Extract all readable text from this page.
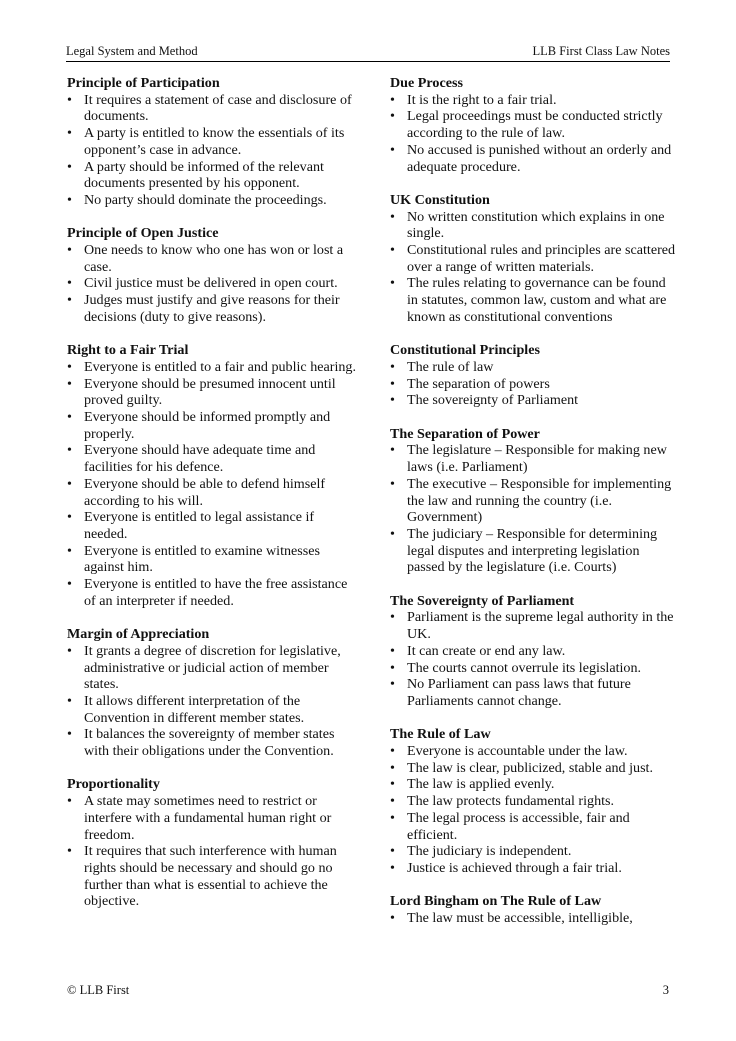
Legal System and Method	LLB First Class Law Notes
Principle of Participation
• It requires a statement of case and disclosure of documents.
• A party is entitled to know the essentials of its opponent’s case in advance.
• A party should be informed of the relevant documents presented by his opponent.
• No party should dominate the proceedings.
Principle of Open Justice
• One needs to know who one has won or lost a case.
• Civil justice must be delivered in open court.
• Judges must justify and give reasons for their decisions (duty to give reasons).
Right to a Fair Trial
• Everyone is entitled to a fair and public hearing.
• Everyone should be presumed innocent until proved guilty.
• Everyone should be informed promptly and properly.
• Everyone should have adequate time and facilities for his defence.
• Everyone should be able to defend himself according to his will.
• Everyone is entitled to legal assistance if needed.
• Everyone is entitled to examine witnesses against him.
• Everyone is entitled to have the free assistance of an interpreter if needed.
Margin of Appreciation
• It grants a degree of discretion for legislative, administrative or judicial action of member states.
• It allows different interpretation of the Convention in different member states.
• It balances the sovereignty of member states with their obligations under the Convention.
Proportionality
• A state may sometimes need to restrict or interfere with a fundamental human right or freedom.
• It requires that such interference with human rights should be necessary and should go no further than what is essential to achieve the objective.
Due Process
• It is the right to a fair trial.
• Legal proceedings must be conducted strictly according to the rule of law.
• No accused is punished without an orderly and adequate procedure.
UK Constitution
• No written constitution which explains in one single.
• Constitutional rules and principles are scattered over a range of written materials.
• The rules relating to governance can be found in statutes, common law, custom and what are known as constitutional conventions
Constitutional Principles
• The rule of law
• The separation of powers
• The sovereignty of Parliament
The Separation of Power
• The legislature – Responsible for making new laws (i.e. Parliament)
• The executive – Responsible for implementing the law and running the country (i.e. Government)
• The judiciary – Responsible for determining legal disputes and interpreting legislation passed by the legislature (i.e. Courts)
The Sovereignty of Parliament
• Parliament is the supreme legal authority in the UK.
• It can create or end any law.
• The courts cannot overrule its legislation.
• No Parliament can pass laws that future Parliaments cannot change.
The Rule of Law
• Everyone is accountable under the law.
• The law is clear, publicized, stable and just.
• The law is applied evenly.
• The law protects fundamental rights.
• The legal process is accessible, fair and efficient.
• The judiciary is independent.
• Justice is achieved through a fair trial.
Lord Bingham on The Rule of Law
• The law must be accessible, intelligible,
© LLB First	3
